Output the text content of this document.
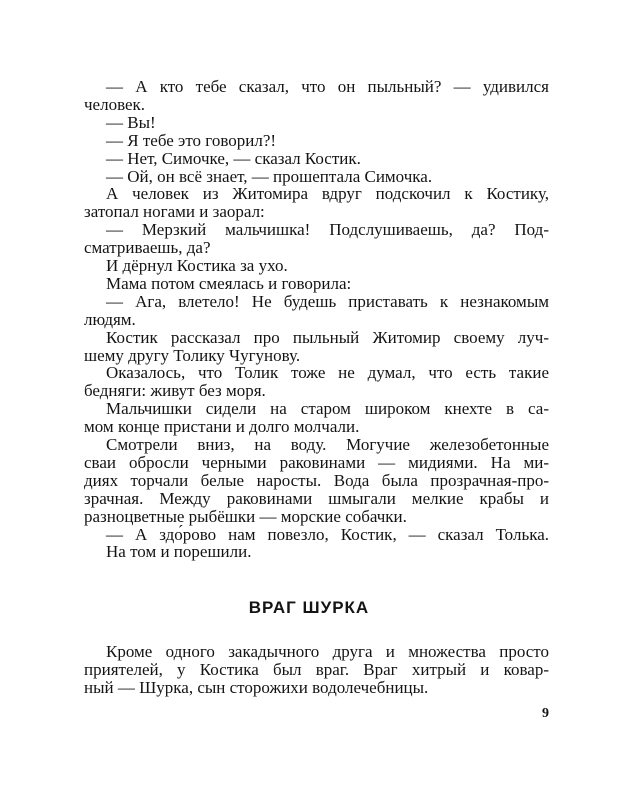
— А кто тебе сказал, что он пыльный? — удивился
человек.
— Вы!
— Я тебе это говорил?!
— Нет, Симочке, — сказал Костик.
— Ой, он всё знает, — прошептала Симочка.
А человек из Житомира вдруг подскочил к Костику,
затопал ногами и заорал:
— Мерзкий мальчишка! Подслушиваешь, да? Под-
сматриваешь, да?
И дёрнул Костика за ухо.
Мама потом смеялась и говорила:
— Ага, влетело! Не будешь приставать к незнакомым
людям.
Костик рассказал про пыльный Житомир своему луч-
шему другу Толику Чугунову.
Оказалось, что Толик тоже не думал, что есть такие
бедняги: живут без моря.
Мальчишки сидели на старом широком кнехте в са-
мом конце пристани и долго молчали.
Смотрели вниз, на воду. Могучие железобетонные
сваи обросли черными раковинами — мидиями. На ми-
диях торчали белые наросты. Вода была прозрачная-про-
зрачная. Между раковинами шмыгали мелкие крабы и
разноцветные рыбёшки — морские собачки.
— А здо́рово нам повезло, Костик, — сказал Толька.
На том и порешили.
ВРАГ ШУРКА
Кроме одного закадычного друга и множества просто
приятелей, у Костика был враг. Враг хитрый и ковар-
ный — Шурка, сын сторожихи водолечебницы.
9
